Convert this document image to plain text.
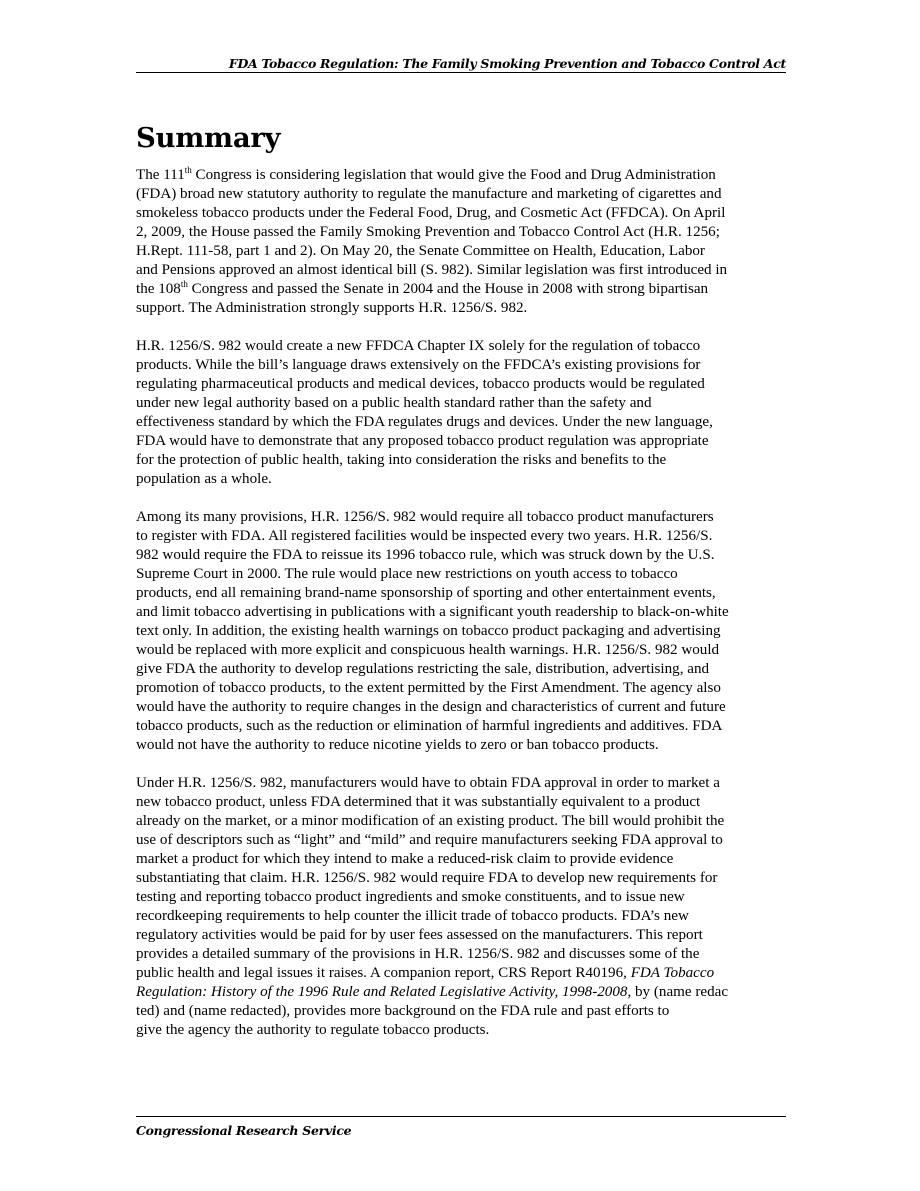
FDA Tobacco Regulation: The Family Smoking Prevention and Tobacco Control Act
Summary

The 111th Congress is considering legislation that would give the Food and Drug Administration
(FDA) broad new statutory authority to regulate the manufacture and marketing of cigarettes and
smokeless tobacco products under the Federal Food, Drug, and Cosmetic Act (FFDCA). On April
2, 2009, the House passed the Family Smoking Prevention and Tobacco Control Act (H.R. 1256;
H.Rept. 111-58, part 1 and 2). On May 20, the Senate Committee on Health, Education, Labor
and Pensions approved an almost identical bill (S. 982). Similar legislation was first introduced in
the 108th Congress and passed the Senate in 2004 and the House in 2008 with strong bipartisan
support. The Administration strongly supports H.R. 1256/S. 982.

H.R. 1256/S. 982 would create a new FFDCA Chapter IX solely for the regulation of tobacco
products. While the bill’s language draws extensively on the FFDCA’s existing provisions for
regulating pharmaceutical products and medical devices, tobacco products would be regulated
under new legal authority based on a public health standard rather than the safety and
effectiveness standard by which the FDA regulates drugs and devices. Under the new language,
FDA would have to demonstrate that any proposed tobacco product regulation was appropriate
for the protection of public health, taking into consideration the risks and benefits to the
population as a whole.

Among its many provisions, H.R. 1256/S. 982 would require all tobacco product manufacturers
to register with FDA. All registered facilities would be inspected every two years. H.R. 1256/S.
982 would require the FDA to reissue its 1996 tobacco rule, which was struck down by the U.S.
Supreme Court in 2000. The rule would place new restrictions on youth access to tobacco
products, end all remaining brand-name sponsorship of sporting and other entertainment events,
and limit tobacco advertising in publications with a significant youth readership to black-on-white
text only. In addition, the existing health warnings on tobacco product packaging and advertising
would be replaced with more explicit and conspicuous health warnings. H.R. 1256/S. 982 would
give FDA the authority to develop regulations restricting the sale, distribution, advertising, and
promotion of tobacco products, to the extent permitted by the First Amendment. The agency also
would have the authority to require changes in the design and characteristics of current and future
tobacco products, such as the reduction or elimination of harmful ingredients and additives. FDA
would not have the authority to reduce nicotine yields to zero or ban tobacco products.

Under H.R. 1256/S. 982, manufacturers would have to obtain FDA approval in order to market a
new tobacco product, unless FDA determined that it was substantially equivalent to a product
already on the market, or a minor modification of an existing product. The bill would prohibit the
use of descriptors such as “light” and “mild” and require manufacturers seeking FDA approval to
market a product for which they intend to make a reduced-risk claim to provide evidence
substantiating that claim. H.R. 1256/S. 982 would require FDA to develop new requirements for
testing and reporting tobacco product ingredients and smoke constituents, and to issue new
recordkeeping requirements to help counter the illicit trade of tobacco products. FDA’s new
regulatory activities would be paid for by user fees assessed on the manufacturers. This report
provides a detailed summary of the provisions in H.R. 1256/S. 982 and discusses some of the
public health and legal issues it raises. A companion report, CRS Report R40196, FDA Tobacco
Regulation: History of the 1996 Rule and Related Legislative Activity, 1998-2008, by (name redac
ted) and (name redacted), provides more background on the FDA rule and past efforts to
give the agency the authority to regulate tobacco products.

Congressional Research Service
